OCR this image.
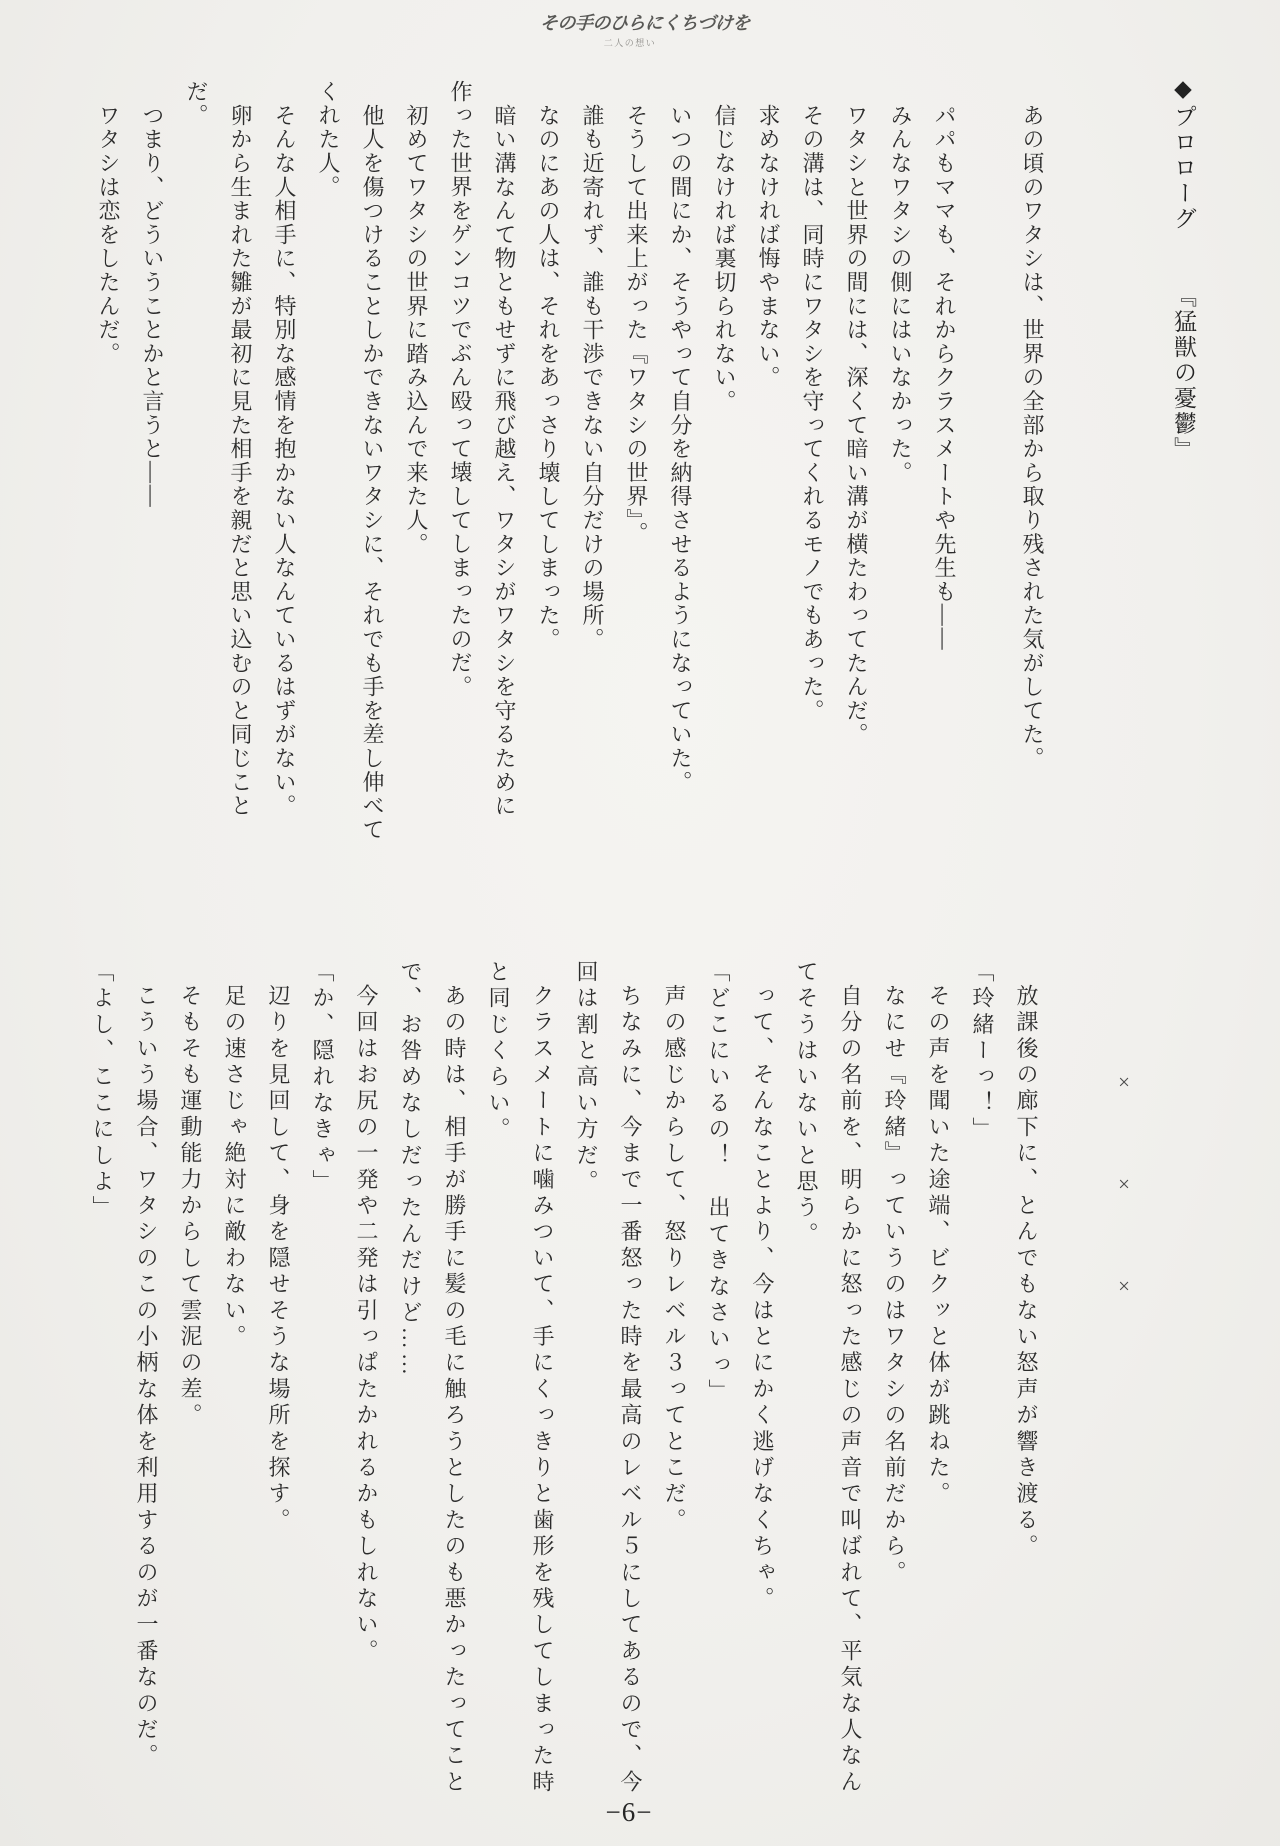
その手のひらにくちづけを
二人の想い
◆プロローグ『猛獣の憂鬱』
あの頃のワタシは、世界の全部から取り残された気がしてた。
パパもママも、それからクラスメートや先生も――
みんなワタシの側にはいなかった。
ワタシと世界の間には、深くて暗い溝が横たわってたんだ。
その溝は、同時にワタシを守ってくれるモノでもあった。
求めなければ悔やまない。
信じなければ裏切られない。
いつの間にか、そうやって自分を納得させるようになっていた。
そうして出来上がった『ワタシの世界』。
誰も近寄れず、誰も干渉できない自分だけの場所。
なのにあの人は、それをあっさり壊してしまった。
暗い溝なんて物ともせずに飛び越え、ワタシがワタシを守るために
作った世界をゲンコツでぶん殴って壊してしまったのだ。
初めてワタシの世界に踏み込んで来た人。
他人を傷つけることしかできないワタシに、それでも手を差し伸べて
くれた人。
そんな人相手に、特別な感情を抱かない人なんているはずがない。
卵から生まれた雛が最初に見た相手を親だと思い込むのと同じこと
だ。
つまり、どういうことかと言うと――
ワタシは恋をしたんだ。
×××
放課後の廊下に、とんでもない怒声が響き渡る。
「玲緒ーっ！」
その声を聞いた途端、ビクッと体が跳ねた。
なにせ『玲緒』っていうのはワタシの名前だから。
自分の名前を、明らかに怒った感じの声音で叫ばれて、平気な人なん
てそうはいないと思う。
って、そんなことより、今はとにかく逃げなくちゃ。
「どこにいるの！　出てきなさいっ」
声の感じからして、怒りレベル３ってとこだ。
ちなみに、今まで一番怒った時を最高のレベル５にしてあるので、今
回は割と高い方だ。
クラスメートに噛みついて、手にくっきりと歯形を残してしまった時
と同じくらい。
あの時は、相手が勝手に髪の毛に触ろうとしたのも悪かったってこと
で、お咎めなしだったんだけど……
今回はお尻の一発や二発は引っぱたかれるかもしれない。
「か、隠れなきゃ」
辺りを見回して、身を隠せそうな場所を探す。
足の速さじゃ絶対に敵わない。
そもそも運動能力からして雲泥の差。
こういう場合、ワタシのこの小柄な体を利用するのが一番なのだ。
「よし、ここにしよ」
−6−
